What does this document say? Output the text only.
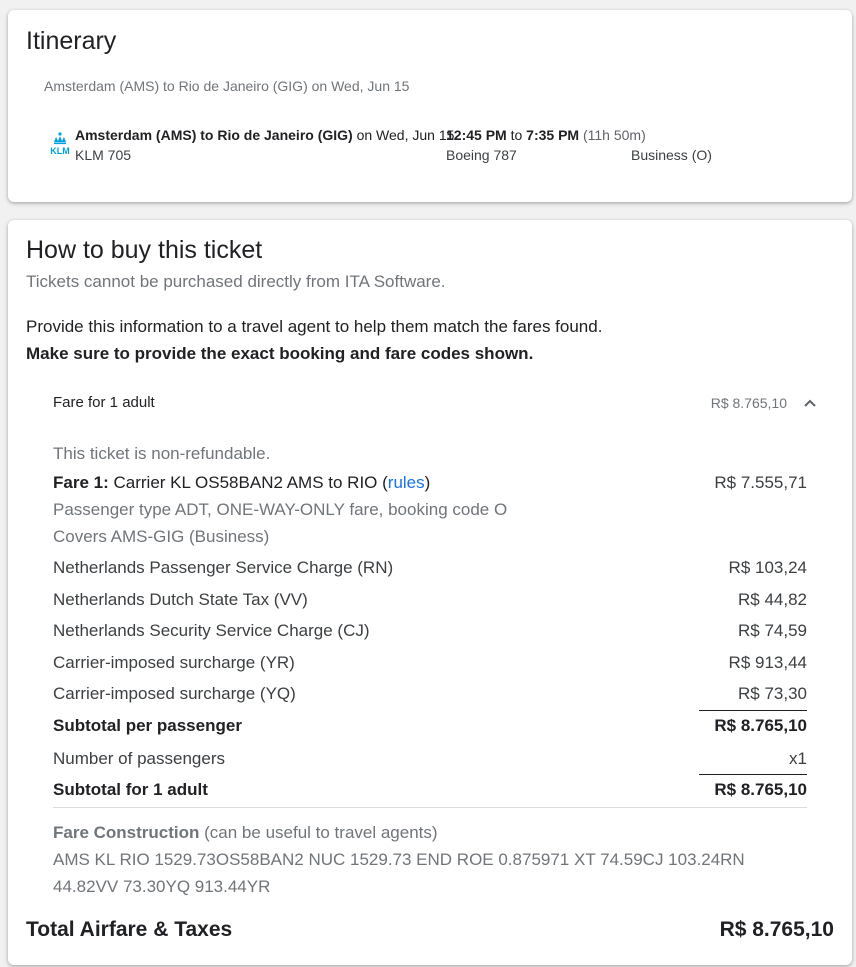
Itinerary
Amsterdam (AMS) to Rio de Janeiro (GIG) on Wed, Jun 15
KLM
Amsterdam (AMS) to Rio de Janeiro (GIG) on Wed, Jun 15
KLM 705
12:45 PM to 7:35 PM (11h 50m)
Boeing 787	Business (O)
How to buy this ticket
Tickets cannot be purchased directly from ITA Software.
Provide this information to a travel agent to help them match the fares found.
Make sure to provide the exact booking and fare codes shown.
Fare for 1 adult	R$ 8.765,10
This ticket is non-refundable.
Fare 1: Carrier KL OS58BAN2 AMS to RIO (rules)	R$ 7.555,71
Passenger type ADT, ONE-WAY-ONLY fare, booking code O
Covers AMS-GIG (Business)
Netherlands Passenger Service Charge (RN)	R$ 103,24
Netherlands Dutch State Tax (VV)	R$ 44,82
Netherlands Security Service Charge (CJ)	R$ 74,59
Carrier-imposed surcharge (YR)	R$ 913,44
Carrier-imposed surcharge (YQ)	R$ 73,30
Subtotal per passenger	R$ 8.765,10
Number of passengers	x1
Subtotal for 1 adult	R$ 8.765,10
Fare Construction (can be useful to travel agents)
AMS KL RIO 1529.73OS58BAN2 NUC 1529.73 END ROE 0.875971 XT 74.59CJ 103.24RN
44.82VV 73.30YQ 913.44YR
Total Airfare & Taxes	R$ 8.765,10
